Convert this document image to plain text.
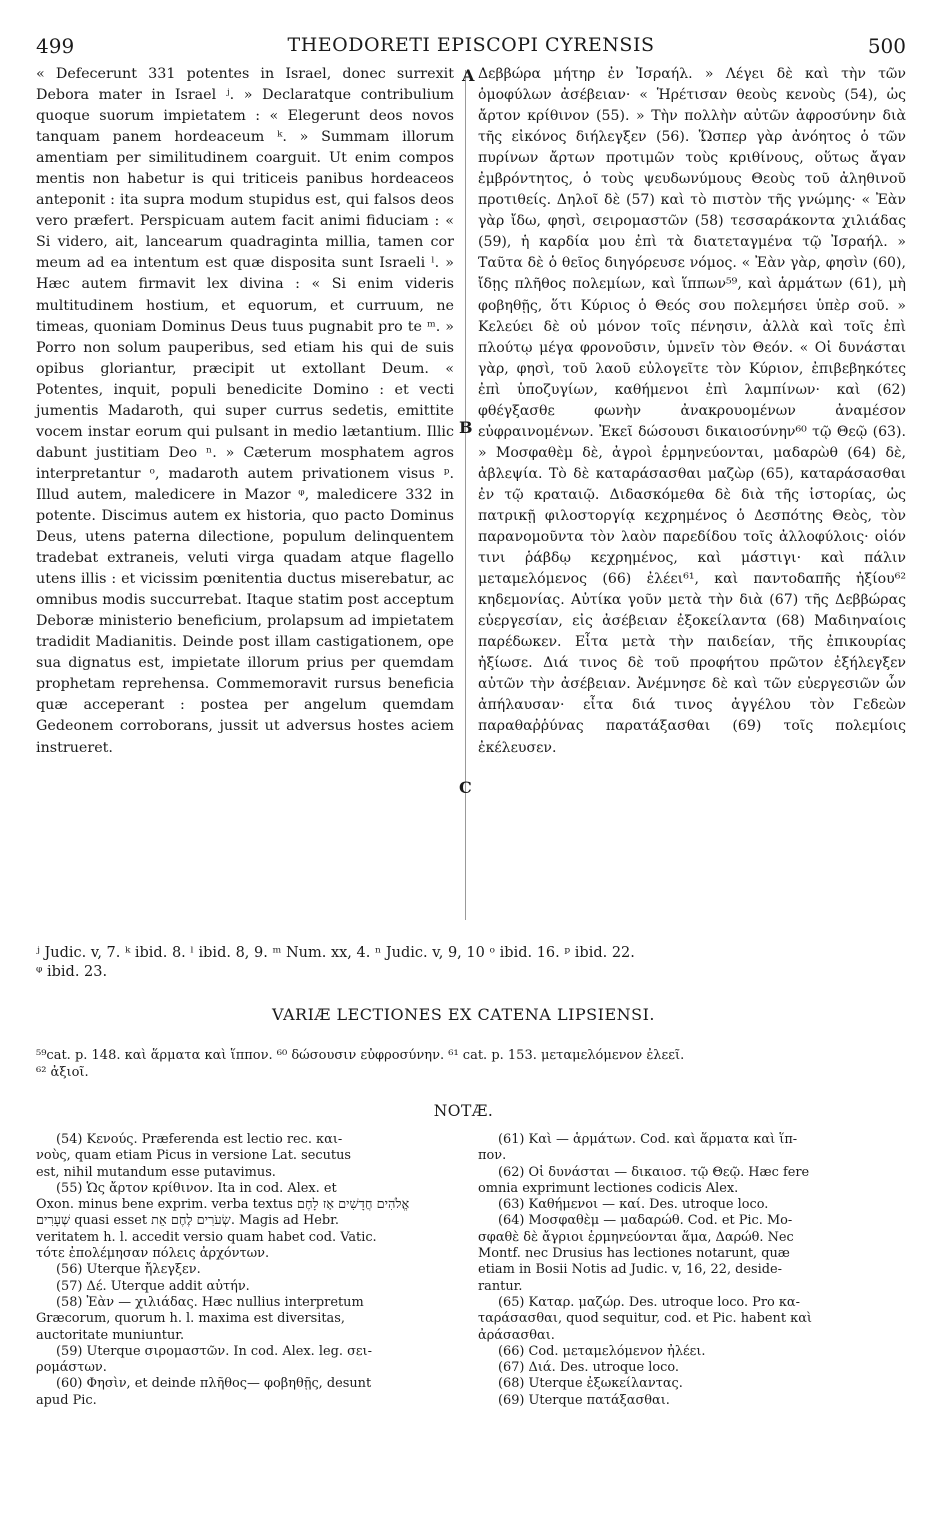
499	THEODORETI EPISCOPI CYRENSIS	500
« Defecerunt 331 potentes in Israel, donec surrexit Debora mater in Israel ʲ. » Declaratque contribulium quoque suorum impietatem : « Elegerunt deos novos tanquam panem hordeaceum ᵏ. » Summam illorum amentiam per similitudinem coarguit. Ut enim compos mentis non habetur is qui triticeis panibus hordeaceos anteponit : ita supra modum stupidus est, qui falsos deos vero præfert. Perspicuam autem facit animi fiduciam : « Si videro, ait, lancearum quadraginta millia, tamen cor meum ad ea intentum est quæ disposita sunt Israeli ˡ. » Hæc autem firmavit lex divina : « Si enim videris multitudinem hostium, et equorum, et curruum, ne timeas, quoniam Dominus Deus tuus pugnabit pro te ᵐ. » Porro non solum pauperibus, sed etiam his qui de suis opibus gloriantur, præcipit ut extollant Deum. « Potentes, inquit, populi benedicite Domino : et vecti jumentis Madaroth, qui super currus sedetis, emittite vocem instar eorum qui pulsant in medio lætantium. Illic dabunt justitiam Deo ⁿ. » Cæterum mosphatem agros interpretantur ᵒ, madaroth autem privationem visus ᵖ. Illud autem, maledicere in Mazor ᵠ, maledicere 332 in potente. Discimus autem ex historia, quo pacto Dominus Deus, utens paterna dilectione, populum delinquentem tradebat extraneis, veluti virga quadam atque flagello utens illis : et vicissim pœnitentia ductus miserebatur, ac omnibus modis succurrebat. Itaque statim post acceptum Deboræ ministerio beneficium, prolapsum ad impietatem tradidit Madianitis. Deinde post illam castigationem, ope sua dignatus est, impietate illorum prius per quemdam prophetam reprehensa. Commemoravit rursus beneficia quæ acceperant : postea per angelum quemdam Gedeonem corroborans, jussit ut adversus hostes aciem instrueret.
Δεββώρα μήτηρ ἐν Ἰσραήλ. » Λέγει δὲ καὶ τὴν τῶν ὁμοφύλων ἀσέβειαν· « Ἡρέτισαν θεοὺς κενοὺς (54), ὡς ἄρτον κρίθινον (55). » Τὴν πολλὴν αὐτῶν ἀφροσύνην διὰ τῆς εἰκόνος διήλεγξεν (56). Ὥσπερ γὰρ ἀνόητος ὁ τῶν πυρίνων ἄρτων προτιμῶν τοὺς κριθίνους, οὕτως ἄγαν ἐμβρόντητος, ὁ τοὺς ψευδωνύμους Θεοὺς τοῦ ἀληθινοῦ προτιθείς. Δηλοῖ δὲ (57) καὶ τὸ πιστὸν τῆς γνώμης· « Ἐὰν γὰρ ἴδω, φησὶ, σειρομαστῶν (58) τεσσαράκοντα χιλιάδας (59), ἡ καρδία μου ἐπὶ τὰ διατεταγμένα τῷ Ἰσραήλ. » Ταῦτα δὲ ὁ θεῖος διηγόρευσε νόμος. « Ἐὰν γὰρ, φησὶν (60), ἴδῃς πλῆθος πολεμίων, καὶ ἵππων⁵⁹, καὶ ἁρμάτων (61), μὴ φοβηθῇς, ὅτι Κύριος ὁ Θεός σου πολεμήσει ὑπὲρ σοῦ. » Κελεύει δὲ οὐ μόνον τοῖς πένησιν, ἀλλὰ καὶ τοῖς ἐπὶ πλούτῳ μέγα φρονοῦσιν, ὑμνεῖν τὸν Θεόν. « Οἱ δυνάσται γὰρ, φησὶ, τοῦ λαοῦ εὐλογεῖτε τὸν Κύριον, ἐπιβεβηκότες ἐπὶ ὑποζυγίων, καθήμενοι ἐπὶ λαμπίνων· καὶ (62) φθέγξασθε φωνὴν ἀνακρουομένων ἀναμέσον εὐφραινομένων. Ἐκεῖ δώσουσι δικαιοσύνην⁶⁰ τῷ Θεῷ (63). » Μοσφαθὲμ δὲ, ἀγροὶ ἑρμηνεύονται, μαδαρὼθ (64) δὲ, ἀβλεψία. Τὸ δὲ καταράσασθαι μαζὼρ (65), καταράσασθαι ἐν τῷ κραταιῷ. Διδασκόμεθα δὲ διὰ τῆς ἱστορίας, ὡς πατρικῇ φιλοστοργίᾳ κεχρημένος ὁ Δεσπότης Θεὸς, τὸν παρανομοῦντα τὸν λαὸν παρεδίδου τοῖς ἀλλοφύλοις· οἱόν τινι ῥάβδῳ κεχρημένος, καὶ μάστιγι· καὶ πάλιν μεταμελόμενος (66) ἐλέει⁶¹, καὶ παντοδαπῆς ἠξίου⁶² κηδεμονίας. Αὐτίκα γοῦν μετὰ τὴν διὰ (67) τῆς Δεββώρας εὐεργεσίαν, εἰς ἀσέβειαν ἐξοκείλαντα (68) Μαδιηναίοις παρέδωκεν. Εἶτα μετὰ τὴν παιδείαν, τῆς ἐπικουρίας ἠξίωσε. Διά τινος δὲ τοῦ προφήτου πρῶτον ἐξήλεγξεν αὐτῶν τὴν ἀσέβειαν. Ἀνέμνησε δὲ καὶ τῶν εὐεργεσιῶν ὧν ἀπήλαυσαν· εἶτα διά τινος ἀγγέλου τὸν Γεδεὼν παραθαῤῥύνας παρατάξασθαι (69) τοῖς πολεμίοις ἐκέλευσεν.
A
B
C
ʲ Judic. v, 7. ᵏ ibid. 8. ˡ ibid. 8, 9. ᵐ Num. xx, 4. ⁿ Judic. v, 9, 10 ᵒ ibid. 16. ᵖ ibid. 22.
ᵠ ibid. 23.
VARIÆ LECTIONES EX CATENA LIPSIENSI.
⁵⁹cat. p. 148. καὶ ἅρματα καὶ ἵππον. ⁶⁰ δώσουσιν εὐφροσύνην. ⁶¹ cat. p. 153. μεταμελόμενον ἐλεεῖ.
⁶² ἀξιοῖ.
NOTÆ.

(54) Κενούς. Præferenda est lectio rec. και-

νοὺς, quam etiam Picus in versione Lat. secutus

est, nihil mutandum esse putavimus.

(55) Ὡς ἄρτον κρίθινον. Ita in cod. Alex. et

Oxon. minus bene exprim. verba textus אֱלֹהִים חֲדָשִׁים אָז לָחֶם

שְׁעָרִים quasi esset שְׂעֹרִים לֶחֶם אֵת. Magis ad Hebr.

veritatem h. l. accedit versio quam habet cod. Vatic.

τότε ἐπολέμησαν πόλεις ἀρχόντων.

(56) Uterque ἤλεγξεν.

(57) Δέ. Uterque addit αὐτήν.

(58) Ἐὰν — χιλιάδας. Hæc nullius interpretum

Græcorum, quorum h. l. maxima est diversitas,

auctoritate muniuntur.

(59) Uterque σιρομαστῶν. In cod. Alex. leg. σει-

ρομάστων.

(60) Φησὶν, et deinde πλῆθος— φοβηθῇς, desunt

apud Pic.

(61) Καὶ — ἁρμάτων. Cod. καὶ ἅρματα καὶ ἵπ-

πον.

(62) Οἱ δυνάσται — δικαιοσ. τῷ Θεῷ. Hæc fere

omnia exprimunt lectiones codicis Alex.

(63) Καθήμενοι — καί. Des. utroque loco.

(64) Μοσφαθὲμ — μαδαρώθ. Cod. et Pic. Mo-

σφαθὲ δὲ ἄγριοι ἑρμηνεύονται ἅμα, Δαρώθ. Nec

Montf. nec Drusius has lectiones notarunt, quæ

etiam in Bosii Notis ad Judic. v, 16, 22, deside-

rantur.

(65) Καταρ. μαζώρ. Des. utroque loco. Pro κα-

ταράσασθαι, quod sequitur, cod. et Pic. habent καὶ

ἀράσασθαι.

(66) Cod. μεταμελόμενον ἠλέει.

(67) Διά. Des. utroque loco.

(68) Uterque ἐξωκείλαντας.

(69) Uterque πατάξασθαι.
